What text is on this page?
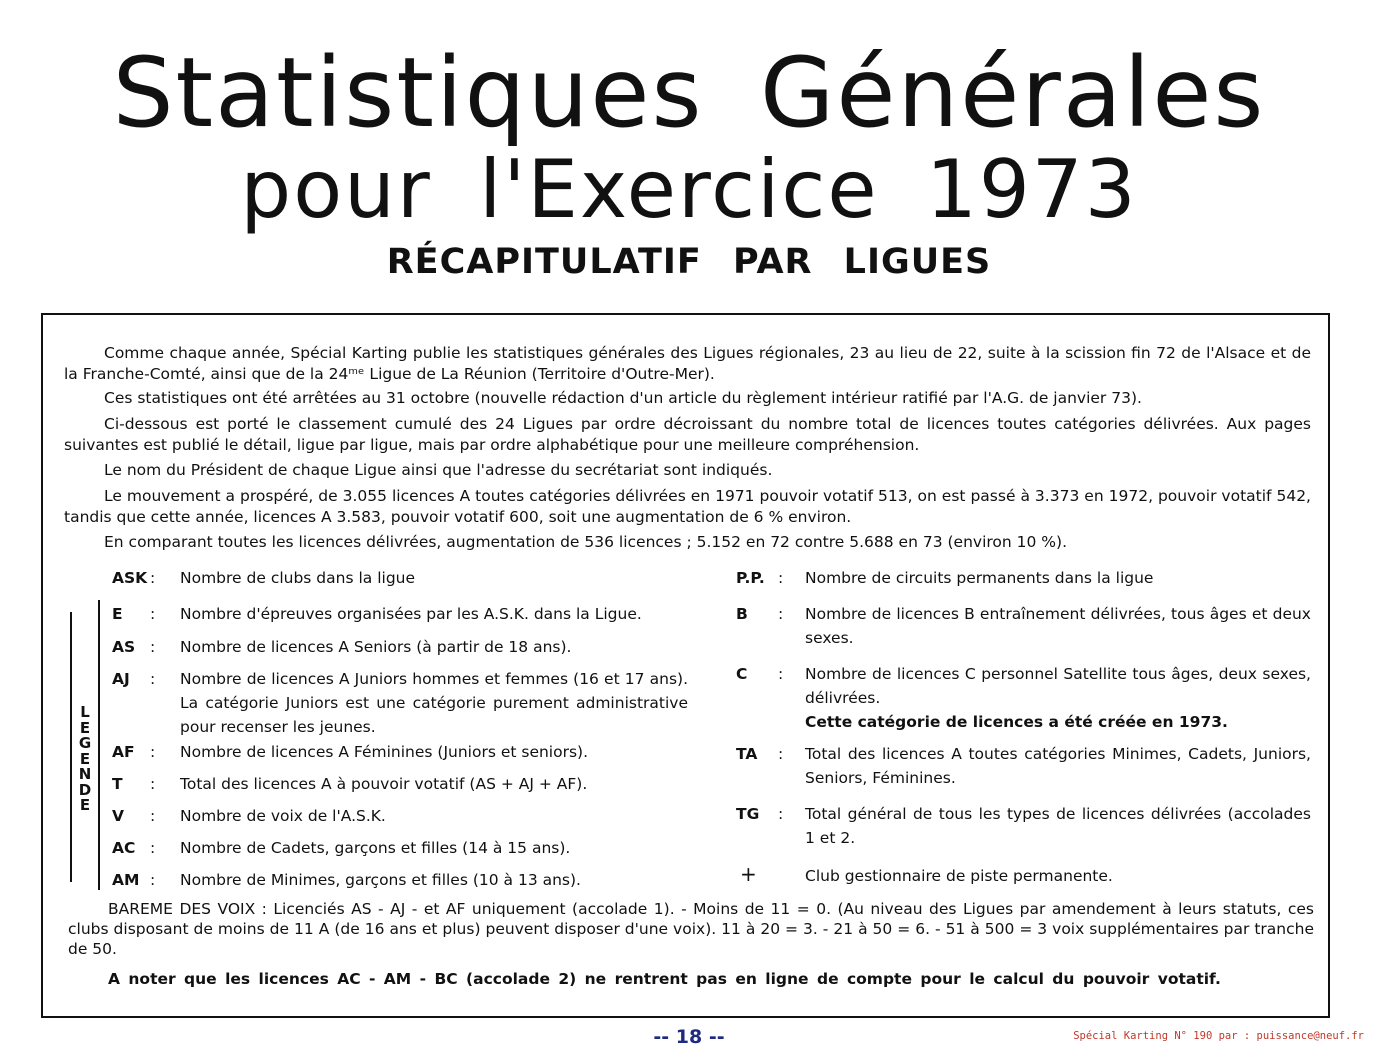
Statistiques Générales
pour l'Exercice 1973
RÉCAPITULATIF PAR LIGUES
Comme chaque année, Spécial Karting publie les statistiques générales des Ligues régionales, 23 au lieu de 22, suite à la scission fin 72 de l'Alsace et de la Franche-Comté, ainsi que de la 24ᵐᵉ Ligue de La Réunion (Territoire d'Outre-Mer).
Ces statistiques ont été arrêtées au 31 octobre (nouvelle rédaction d'un article du règlement intérieur ratifié par l'A.G. de janvier 73).
Ci-dessous est porté le classement cumulé des 24 Ligues par ordre décroissant du nombre total de licences toutes catégories délivrées. Aux pages suivantes est publié le détail, ligue par ligue, mais par ordre alphabétique pour une meilleure compréhension.
Le nom du Président de chaque Ligue ainsi que l'adresse du secrétariat sont indiqués.
Le mouvement a prospéré, de 3.055 licences A toutes catégories délivrées en 1971 pouvoir votatif 513, on est passé à 3.373 en 1972, pouvoir votatif 542, tandis que cette année, licences A 3.583, pouvoir votatif 600, soit une augmentation de 6 % environ.
En comparant toutes les licences délivrées, augmentation de 536 licences ; 5.152 en 72 contre 5.688 en 73 (environ 10 %).
L
E
G
E
N
D
E
ASK : Nombre de clubs dans la ligue
E : Nombre d'épreuves organisées par les A.S.K. dans la Ligue.
AS : Nombre de licences A Seniors (à partir de 18 ans).
AJ : Nombre de licences A Juniors hommes et femmes (16 et 17 ans). La catégorie Juniors est une catégorie purement administrative pour recenser les jeunes.
AF : Nombre de licences A Féminines (Juniors et seniors).
T : Total des licences A à pouvoir votatif (AS + AJ + AF).
V : Nombre de voix de l'A.S.K.
AC : Nombre de Cadets, garçons et filles (14 à 15 ans).
AM : Nombre de Minimes, garçons et filles (10 à 13 ans).
P.P. : Nombre de circuits permanents dans la ligue
B : Nombre de licences B entraînement délivrées, tous âges et deux sexes.
C : Nombre de licences C personnel Satellite tous âges, deux sexes, délivrées.
Cette catégorie de licences a été créée en 1973.
TA : Total des licences A toutes catégories Minimes, Cadets, Juniors, Seniors, Féminines.
TG : Total général de tous les types de licences délivrées (accolades 1 et 2.
+	Club gestionnaire de piste permanente.
BAREME DES VOIX : Licenciés AS - AJ - et AF uniquement (accolade 1). - Moins de 11 = 0. (Au niveau des Ligues par amendement à leurs statuts, ces clubs disposant de moins de 11 A (de 16 ans et plus) peuvent disposer d'une voix). 11 à 20 = 3. - 21 à 50 = 6. - 51 à 500 = 3 voix supplémentaires par tranche de 50.
A noter que les licences AC - AM - BC (accolade 2) ne rentrent pas en ligne de compte pour le calcul du pouvoir votatif.
-- 18 --	Spécial Karting N° 190 par : puissance@neuf.fr
